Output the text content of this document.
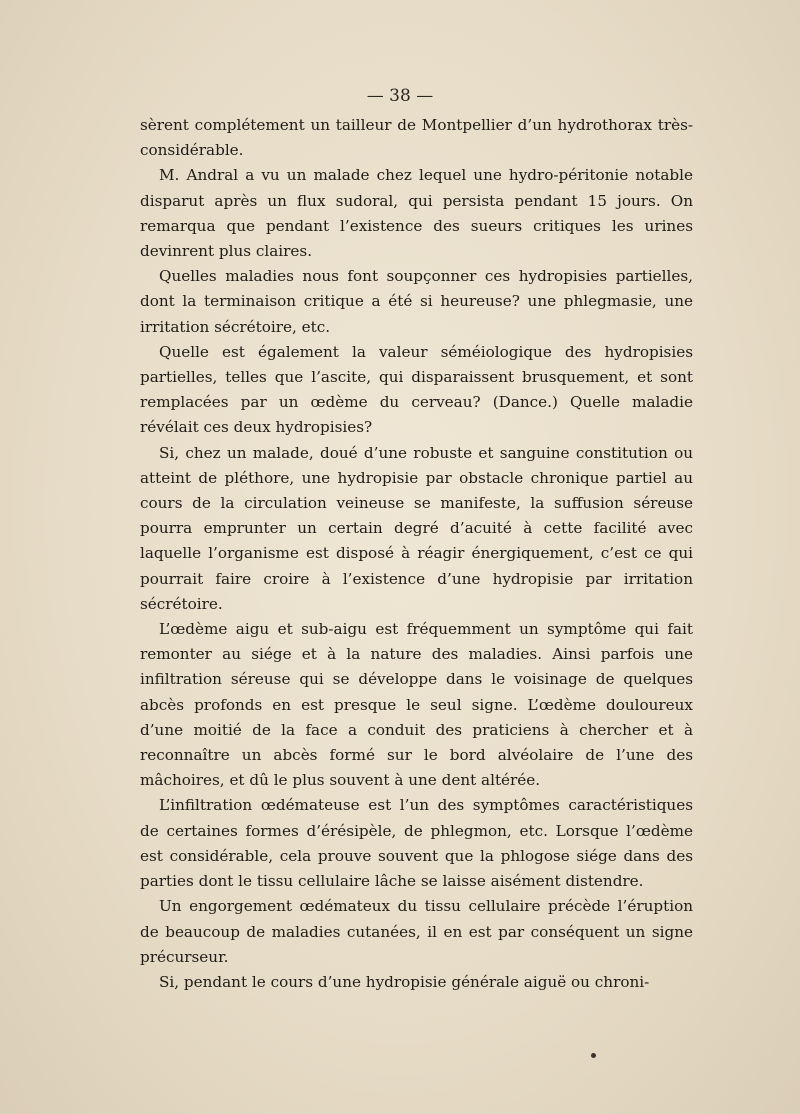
— 38 —

sèrent complétement un tailleur de Montpellier d’un hydrothorax très-considérable.

M. Andral a vu un malade chez lequel une hydro-péritonie notable disparut après un flux sudoral, qui persista pendant 15 jours. On remarqua que pendant l’existence des sueurs critiques les urines devinrent plus claires.

Quelles maladies nous font soupçonner ces hydropisies partielles, dont la terminaison critique a été si heureuse? une phlegmasie, une irritation sécrétoire, etc.

Quelle est également la valeur séméiologique des hydropisies partielles, telles que l’ascite, qui disparaissent brusquement, et sont remplacées par un œdème du cerveau? (Dance.) Quelle maladie révélait ces deux hydropisies?

Si, chez un malade, doué d’une robuste et sanguine constitution ou atteint de pléthore, une hydropisie par obstacle chronique partiel au cours de la circulation veineuse se manifeste, la suffusion séreuse pourra emprunter un certain degré d’acuité à cette facilité avec laquelle l’organisme est disposé à réagir énergiquement, c’est ce qui pourrait faire croire à l’existence d’une hydropisie par irritation sécrétoire.

L’œdème aigu et sub-aigu est fréquemment un symptôme qui fait remonter au siége et à la nature des maladies. Ainsi parfois une infiltration séreuse qui se développe dans le voisinage de quelques abcès profonds en est presque le seul signe. L’œdème douloureux d’une moitié de la face a conduit des praticiens à chercher et à reconnaître un abcès formé sur le bord alvéolaire de l’une des mâchoires, et dû le plus souvent à une dent altérée.

L’infiltration œdémateuse est l’un des symptômes caractéristiques de certaines formes d’érésipèle, de phlegmon, etc. Lorsque l’œdème est considérable, cela prouve souvent que la phlogose siége dans des parties dont le tissu cellulaire lâche se laisse aisément distendre.

Un engorgement œdémateux du tissu cellulaire précède l’éruption de beaucoup de maladies cutanées, il en est par conséquent un signe précurseur.

Si, pendant le cours d’une hydropisie générale aiguë ou chroni-
